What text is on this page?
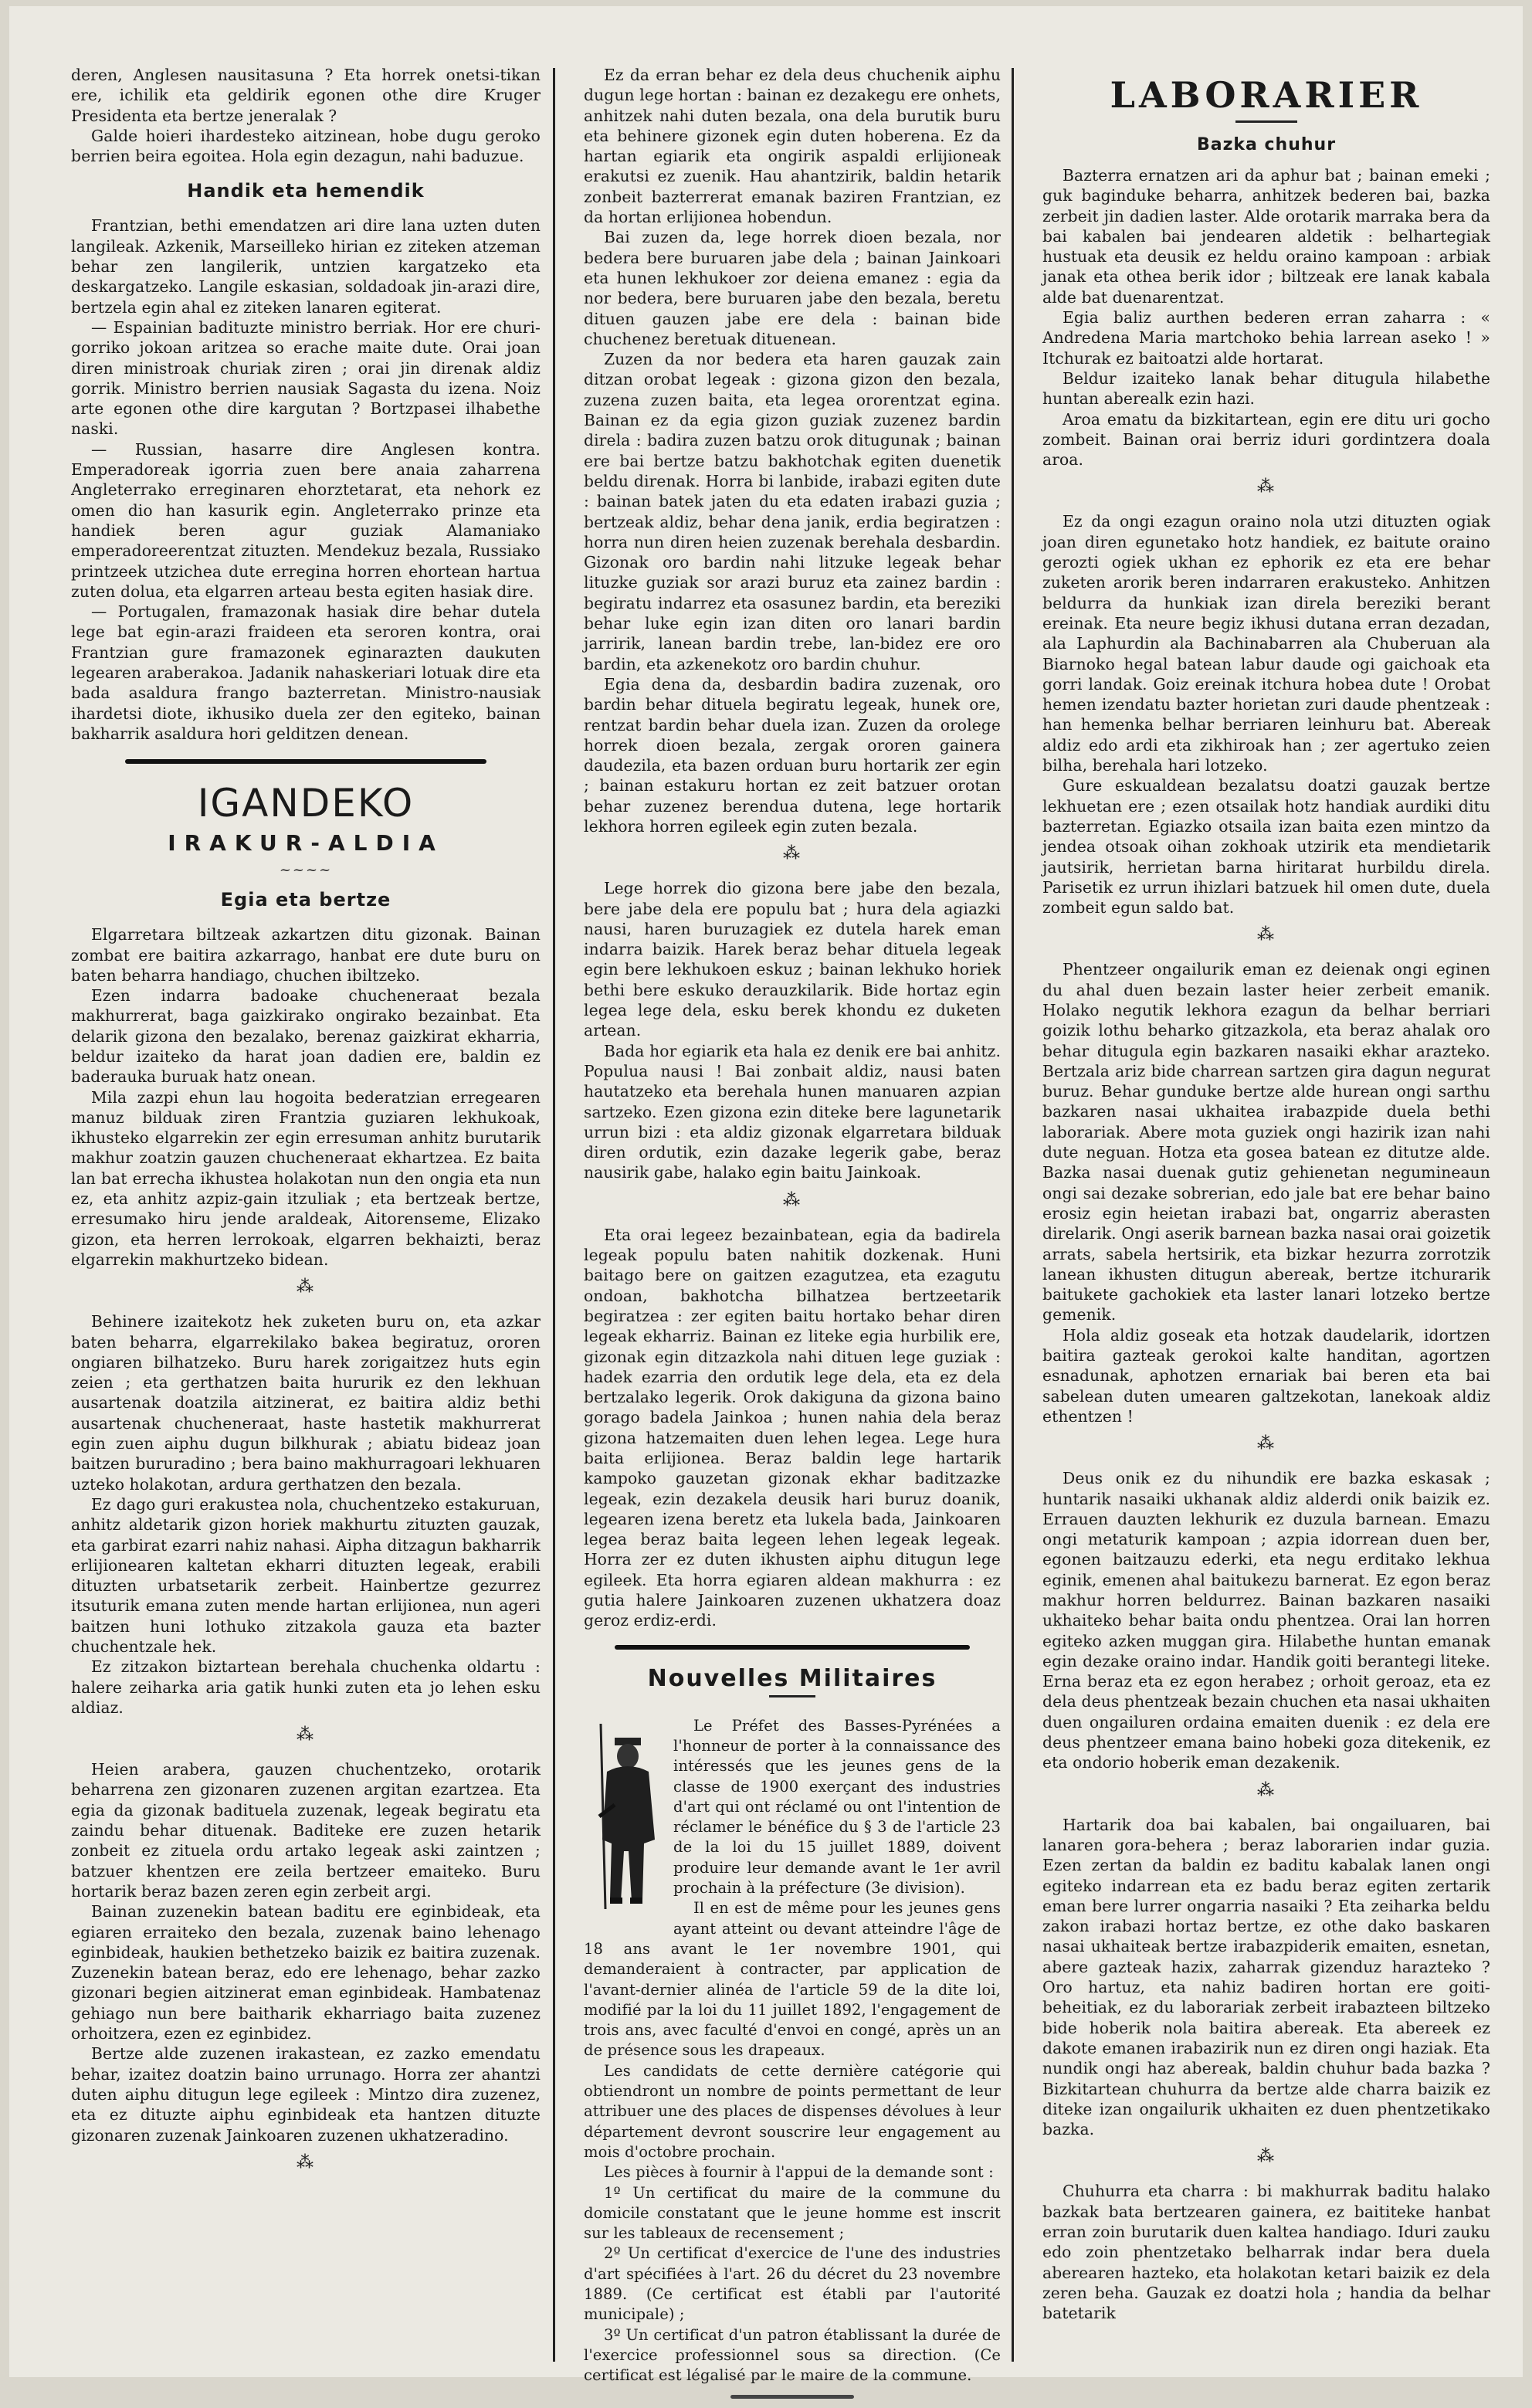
deren, Anglesen nausitasuna ? Eta horrek onetsi-tikan ere, ichilik eta geldirik egonen othe dire Kruger Presidenta eta bertze jeneralak ?

Galde hoieri ihardesteko aitzinean, hobe dugu geroko berrien beira egoitea. Hola egin dezagun, nahi baduzue.

Handik eta hemendik

Frantzian, bethi emendatzen ari dire lana uzten duten langileak. Azkenik, Marseilleko hirian ez ziteken atzeman behar zen langilerik, untzien kargatzeko eta deskargatzeko. Langile eskasian, soldadoak jin-arazi dire, bertzela egin ahal ez ziteken lanaren egiterat.

— Espainian badituzte ministro berriak. Hor ere churi-gorriko jokoan aritzea so erache maite dute. Orai joan diren ministroak churiak ziren ; orai jin direnak aldiz gorrik. Ministro berrien nausiak Sagasta du izena. Noiz arte egonen othe dire kargutan ? Bortzpasei ilhabethe naski.

— Russian, hasarre dire Anglesen kontra. Emperadoreak igorria zuen bere anaia zaharrena Angleterrako erreginaren ehorztetarat, eta nehork ez omen dio han kasurik egin. Angleterrako prinze eta handiek beren agur guziak Alamaniako emperadoreerentzat zituzten. Mendekuz bezala, Russiako printzeek utzichea dute erregina horren ehortean hartua zuten dolua, eta elgarren arteau besta egiten hasiak dire.

— Portugalen, framazonak hasiak dire behar dutela lege bat egin-arazi fraideen eta seroren kontra, orai Frantzian gure framazonek eginarazten daukuten legearen araberakoa. Jadanik nahaskeriari lotuak dire eta bada asaldura frango bazterretan. Ministro-nausiak ihardetsi diote, ikhusiko duela zer den egiteko, bainan bakharrik asaldura hori gelditzen denean.

IGANDEKO
IRAKUR-ALDIA
~~~~
Egia eta bertze

Elgarretara biltzeak azkartzen ditu gizonak. Bainan zombat ere baitira azkarrago, hanbat ere dute buru on baten beharra handiago, chuchen ibiltzeko.

Ezen indarra badoake chucheneraat bezala makhurrerat, baga gaizkirako ongirako bezainbat. Eta delarik gizona den bezalako, berenaz gaizkirat ekharria, beldur izaiteko da harat joan dadien ere, baldin ez baderauka buruak hatz onean.

Mila zazpi ehun lau hogoita bederatzian erregearen manuz bilduak ziren Frantzia guziaren lekhukoak, ikhusteko elgarrekin zer egin erresuman anhitz burutarik makhur zoatzin gauzen chucheneraat ekhartzea. Ez baita lan bat errecha ikhustea holakotan nun den ongia eta nun ez, eta anhitz azpiz-gain itzuliak ; eta bertzeak bertze, erresumako hiru jende araldeak, Aitorenseme, Elizako gizon, eta herren lerrokoak, elgarren bekhaizti, beraz elgarrekin makhurtzeko bidean.

⁂

Behinere izaitekotz hek zuketen buru on, eta azkar baten beharra, elgarrekilako bakea begiratuz, ororen ongiaren bilhatzeko. Buru harek zorigaitzez huts egin zeien ; eta gerthatzen baita hururik ez den lekhuan ausartenak doatzila aitzinerat, ez baitira aldiz bethi ausartenak chucheneraat, haste hastetik makhurrerat egin zuen aiphu dugun bilkhurak ; abiatu bideaz joan baitzen bururadino ; bera baino makhurragoari lekhuaren uzteko holakotan, ardura gerthatzen den bezala.

Ez dago guri erakustea nola, chuchentzeko estakuruan, anhitz aldetarik gizon horiek makhurtu zituzten gauzak, eta garbirat ezarri nahiz nahasi. Aipha ditzagun bakharrik erlijionearen kaltetan ekharri dituzten legeak, erabili dituzten urbatsetarik zerbeit. Hainbertze gezurrez itsuturik emana zuten mende hartan erlijionea, nun ageri baitzen huni lothuko zitzakola gauza eta bazter chuchentzale hek.

Ez zitzakon biztartean berehala chuchenka oldartu : halere zeiharka aria gatik hunki zuten eta jo lehen esku aldiaz.

⁂

Heien arabera, gauzen chuchentzeko, orotarik beharrena zen gizonaren zuzenen argitan ezartzea. Eta egia da gizonak badituela zuzenak, legeak begiratu eta zaindu behar dituenak. Baditeke ere zuzen hetarik zonbeit ez zituela ordu artako legeak aski zaintzen ; batzuer khentzen ere zeila bertzeer emaiteko. Buru hortarik beraz bazen zeren egin zerbeit argi.

Bainan zuzenekin batean baditu ere eginbideak, eta egiaren erraiteko den bezala, zuzenak baino lehenago eginbideak, haukien bethetzeko baizik ez baitira zuzenak. Zuzenekin batean beraz, edo ere lehenago, behar zazko gizonari begien aitzinerat eman eginbideak. Hambatenaz gehiago nun bere baitharik ekharriago baita zuzenez orhoitzera, ezen ez eginbidez.

Bertze alde zuzenen irakastean, ez zazko emendatu behar, izaitez doatzin baino urrunago. Horra zer ahantzi duten aiphu ditugun lege egileek : Mintzo dira zuzenez, eta ez dituzte aiphu eginbideak eta hantzen dituzte gizonaren zuzenak Jainkoaren zuzenen ukhatzeradino.

⁂

Ez da erran behar ez dela deus chuchenik aiphu dugun lege hortan : bainan ez dezakegu ere onhets, anhitzek nahi duten bezala, ona dela burutik buru eta behinere gizonek egin duten hoberena. Ez da hartan egiarik eta ongirik aspaldi erlijioneak erakutsi ez zuenik. Hau ahantzirik, baldin hetarik zonbeit bazterrerat emanak baziren Frantzian, ez da hortan erlijionea hobendun.

Bai zuzen da, lege horrek dioen bezala, nor bedera bere buruaren jabe dela ; bainan Jainkoari eta hunen lekhukoer zor deiena emanez : egia da nor bedera, bere buruaren jabe den bezala, beretu dituen gauzen jabe ere dela : bainan bide chuchenez beretuak dituenean.

Zuzen da nor bedera eta haren gauzak zain ditzan orobat legeak : gizona gizon den bezala, zuzena zuzen baita, eta legea ororentzat egina. Bainan ez da egia gizon guziak zuzenez bardin direla : badira zuzen batzu orok ditugunak ; bainan ere bai bertze batzu bakhotchak egiten duenetik beldu direnak. Horra bi lanbide, irabazi egiten dute : bainan batek jaten du eta edaten irabazi guzia ; bertzeak aldiz, behar dena janik, erdia begiratzen : horra nun diren heien zuzenak berehala desbardin. Gizonak oro bardin nahi litzuke legeak behar lituzke guziak sor arazi buruz eta zainez bardin : begiratu indarrez eta osasunez bardin, eta bereziki behar luke egin izan diten oro lanari bardin jarririk, lanean bardin trebe, lan-bidez ere oro bardin, eta azkenekotz oro bardin chuhur.

Egia dena da, desbardin badira zuzenak, oro bardin behar dituela begiratu legeak, hunek ore, rentzat bardin behar duela izan. Zuzen da orolege horrek dioen bezala, zergak ororen gainera daudezila, eta bazen orduan buru hortarik zer egin ; bainan estakuru hortan ez zeit batzuer orotan behar zuzenez berendua dutena, lege hortarik lekhora horren egileek egin zuten bezala.

⁂

Lege horrek dio gizona bere jabe den bezala, bere jabe dela ere populu bat ; hura dela agiazki nausi, haren buruzagiek ez dutela harek eman indarra baizik. Harek beraz behar dituela legeak egin bere lekhukoen eskuz ; bainan lekhuko horiek bethi bere eskuko derauzkilarik. Bide hortaz egin legea lege dela, esku berek khondu ez duketen artean.

Bada hor egiarik eta hala ez denik ere bai anhitz. Populua nausi ! Bai zonbait aldiz, nausi baten hautatzeko eta berehala hunen manuaren azpian sartzeko. Ezen gizona ezin diteke bere lagunetarik urrun bizi : eta aldiz gizonak elgarretara bilduak diren ordutik, ezin dazake legerik gabe, beraz nausirik gabe, halako egin baitu Jainkoak.

⁂

Eta orai legeez bezainbatean, egia da badirela legeak populu baten nahitik dozkenak. Huni baitago bere on gaitzen ezagutzea, eta ezagutu ondoan, bakhotcha bilhatzea bertzeetarik begiratzea : zer egiten baitu hortako behar diren legeak ekharriz. Bainan ez liteke egia hurbilik ere, gizonak egin ditzazkola nahi dituen lege guziak : hadek ezarria den ordutik lege dela, eta ez dela bertzalako legerik. Orok dakiguna da gizona baino gorago badela Jainkoa ; hunen nahia dela beraz gizona hatzemaiten duen lehen legea. Lege hura baita erlijionea. Beraz baldin lege hartarik kampoko gauzetan gizonak ekhar baditzazke legeak, ezin dezakela deusik hari buruz doanik, legearen izena beretz eta lukela bada, Jainkoaren legea beraz baita legeen lehen legeak legeak. Horra zer ez duten ikhusten aiphu ditugun lege egileek. Eta horra egiaren aldean makhurra : ez gutia halere Jainkoaren zuzenen ukhatzera doaz geroz erdiz-erdi.

Nouvelles Militaires

Le Préfet des Basses-Pyrénées a l'honneur de porter à la connaissance des intéressés que les jeunes gens de la classe de 1900 exerçant des industries d'art qui ont réclamé ou ont l'intention de réclamer le bénéfice du § 3 de l'article 23 de la loi du 15 juillet 1889, doivent produire leur demande avant le 1er avril prochain à la préfecture (3e division).

Il en est de même pour les jeunes gens ayant atteint ou devant atteindre l'âge de 18 ans avant le 1er novembre 1901, qui demanderaient à contracter, par application de l'avant-dernier alinéa de l'article 59 de la dite loi, modifié par la loi du 11 juillet 1892, l'engagement de trois ans, avec faculté d'envoi en congé, après un an de présence sous les drapeaux.

Les candidats de cette dernière catégorie qui obtiendront un nombre de points permettant de leur attribuer une des places de dispenses dévolues à leur département devront souscrire leur engagement au mois d'octobre prochain.

Les pièces à fournir à l'appui de la demande sont :

1º Un certificat du maire de la commune du domicile constatant que le jeune homme est inscrit sur les tableaux de recensement ;

2º Un certificat d'exercice de l'une des industries d'art spécifiées à l'art. 26 du décret du 23 novembre 1889. (Ce certificat est établi par l'autorité municipale) ;

3º Un certificat d'un patron établissant la durée de l'exercice professionnel sous sa direction. (Ce certificat est légalisé par le maire de la commune.

LABORARIER
Bazka chuhur

Bazterra ernatzen ari da aphur bat ; bainan emeki ; guk baginduke beharra, anhitzek bederen bai, bazka zerbeit jin dadien laster. Alde orotarik marraka bera da bai kabalen bai jendearen aldetik : belhartegiak hustuak eta deusik ez heldu oraino kampoan : arbiak janak eta othea berik idor ; biltzeak ere lanak kabala alde bat duenarentzat.

Egia baliz aurthen bederen erran zaharra : « Andredena Maria martchoko behia larrean aseko ! » Itchurak ez baitoatzi alde hortarat.

Beldur izaiteko lanak behar ditugula hilabethe huntan aberealk ezin hazi.

Aroa ematu da bizkitartean, egin ere ditu uri gocho zombeit. Bainan orai berriz iduri gordintzera doala aroa.

⁂

Ez da ongi ezagun oraino nola utzi dituzten ogiak joan diren egunetako hotz handiek, ez baitute oraino gerozti ogiek ukhan ez ephorik ez eta ere behar zuketen arorik beren indarraren erakusteko. Anhitzen beldurra da hunkiak izan direla bereziki berant ereinak. Eta neure begiz ikhusi dutana erran dezadan, ala Laphurdin ala Bachinabarren ala Chuberuan ala Biarnoko hegal batean labur daude ogi gaichoak eta gorri landak. Goiz ereinak itchura hobea dute ! Orobat hemen izendatu bazter horietan zuri daude phentzeak : han hemenka belhar berriaren leinhuru bat. Abereak aldiz edo ardi eta zikhiroak han ; zer agertuko zeien bilha, berehala hari lotzeko.

Gure eskualdean bezalatsu doatzi gauzak bertze lekhuetan ere ; ezen otsailak hotz handiak aurdiki ditu bazterretan. Egiazko otsaila izan baita ezen mintzo da jendea otsoak oihan zokhoak utzirik eta mendietarik jautsirik, herrietan barna hiritarat hurbildu direla. Parisetik ez urrun ihizlari batzuek hil omen dute, duela zombeit egun saldo bat.

⁂

Phentzeer ongailurik eman ez deienak ongi eginen du ahal duen bezain laster heier zerbeit emanik. Holako negutik lekhora ezagun da belhar berriari goizik lothu beharko gitzazkola, eta beraz ahalak oro behar ditugula egin bazkaren nasaiki ekhar arazteko. Bertzala ariz bide charrean sartzen gira dagun negurat buruz. Behar gunduke bertze alde hurean ongi sarthu bazkaren nasai ukhaitea irabazpide duela bethi laborariak. Abere mota guziek ongi hazirik izan nahi dute neguan. Hotza eta gosea batean ez ditutze alde. Bazka nasai duenak gutiz gehienetan negumineaun ongi sai dezake sobrerian, edo jale bat ere behar baino erosiz egin heietan irabazi bat, ongarriz aberasten direlarik. Ongi aserik barnean bazka nasai orai goizetik arrats, sabela hertsirik, eta bizkar hezurra zorrotzik lanean ikhusten ditugun abereak, bertze itchurarik baitukete gachokiek eta laster lanari lotzeko bertze gemenik.

Hola aldiz goseak eta hotzak daudelarik, idortzen baitira gazteak gerokoi kalte handitan, agortzen esnadunak, aphotzen ernariak bai beren eta bai sabelean duten umearen galtzekotan, lanekoak aldiz ethentzen !

⁂

Deus onik ez du nihundik ere bazka eskasak ; huntarik nasaiki ukhanak aldiz alderdi onik baizik ez. Errauen dauzten lekhurik ez duzula barnean. Emazu ongi metaturik kampoan ; azpia idorrean duen ber, egonen baitzauzu ederki, eta negu erditako lekhua eginik, emenen ahal baitukezu barnerat. Ez egon beraz makhur horren beldurrez. Bainan bazkaren nasaiki ukhaiteko behar baita ondu phentzea. Orai lan horren egiteko azken muggan gira. Hilabethe huntan emanak egin dezake oraino indar. Handik goiti berantegi liteke. Erna beraz eta ez egon herabez ; orhoit geroaz, eta ez dela deus phentzeak bezain chuchen eta nasai ukhaiten duen ongailuren ordaina emaiten duenik : ez dela ere deus phentzeer emana baino hobeki goza ditekenik, ez eta ondorio hoberik eman dezakenik.

⁂

Hartarik doa bai kabalen, bai ongailuaren, bai lanaren gora-behera ; beraz laborarien indar guzia. Ezen zertan da baldin ez baditu kabalak lanen ongi egiteko indarrean eta ez badu beraz egiten zertarik eman bere lurrer ongarria nasaiki ? Eta zeiharka beldu zakon irabazi hortaz bertze, ez othe dako baskaren nasai ukhaiteak bertze irabazpiderik emaiten, esnetan, abere gazteak hazix, zaharrak gizenduz harazteko ? Oro hartuz, eta nahiz badiren hortan ere goiti-beheitiak, ez du laborariak zerbeit irabazteen biltzeko bide hoberik nola baitira abereak. Eta abereek ez dakote emanen irabazirik nun ez diren ongi haziak. Eta nundik ongi haz abereak, baldin chuhur bada bazka ? Bizkitartean chuhurra da bertze alde charra baizik ez diteke izan ongailurik ukhaiten ez duen phentzetikako bazka.

⁂

Chuhurra eta charra : bi makhurrak baditu halako bazkak bata bertzearen gainera, ez baititeke hanbat erran zoin burutarik duen kaltea handiago. Iduri zauku edo zoin phentzetako belharrak indar bera duela aberearen hazteko, eta holakotan ketari baizik ez dela zeren beha. Gauzak ez doatzi hola ; handia da belhar batetarik
